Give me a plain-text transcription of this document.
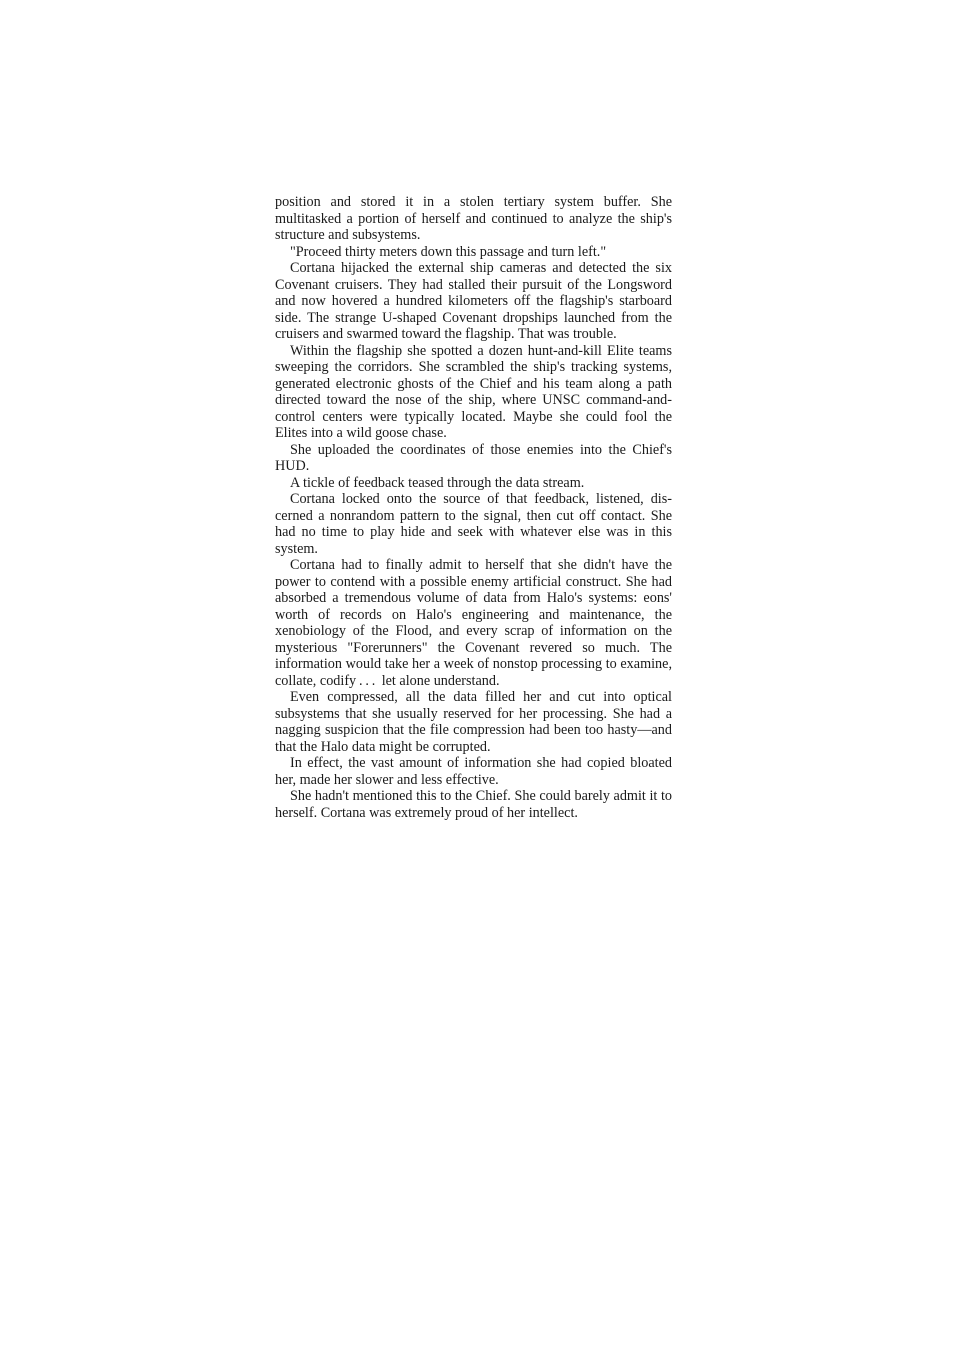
position and stored it in a stolen tertiary system buffer. She multitasked a portion of herself and continued to analyze the ship's structure and subsystems.

"Proceed thirty meters down this passage and turn left."

Cortana hijacked the external ship cameras and detected the six Covenant cruisers. They had stalled their pursuit of the Longsword and now hovered a hundred kilometers off the flagship's starboard side. The strange U-shaped Covenant dropships launched from the cruisers and swarmed toward the flagship. That was trouble.

Within the flagship she spotted a dozen hunt-and-kill Elite teams sweeping the corridors. She scrambled the ship's tracking systems, generated electronic ghosts of the Chief and his team along a path directed toward the nose of the ship, where UNSC command-and-control centers were typically located. Maybe she could fool the Elites into a wild goose chase.

She uploaded the coordinates of those enemies into the Chief's HUD.

A tickle of feedback teased through the data stream.

Cortana locked onto the source of that feedback, listened, discerned a nonrandom pattern to the signal, then cut off contact. She had no time to play hide and seek with whatever else was in this system.

Cortana had to finally admit to herself that she didn't have the power to contend with a possible enemy artificial construct. She had absorbed a tremendous volume of data from Halo's systems: eons' worth of records on Halo's engineering and maintenance, the xenobiology of the Flood, and every scrap of information on the mysterious "Forerunners" the Covenant revered so much. The information would take her a week of nonstop processing to examine, collate, codify . . .  let alone understand.

Even compressed, all the data filled her and cut into optical subsystems that she usually reserved for her processing. She had a nagging suspicion that the file compression had been too hasty—and that the Halo data might be corrupted.

In effect, the vast amount of information she had copied bloated her, made her slower and less effective.

She hadn't mentioned this to the Chief. She could barely admit it to herself. Cortana was extremely proud of her intellect.
